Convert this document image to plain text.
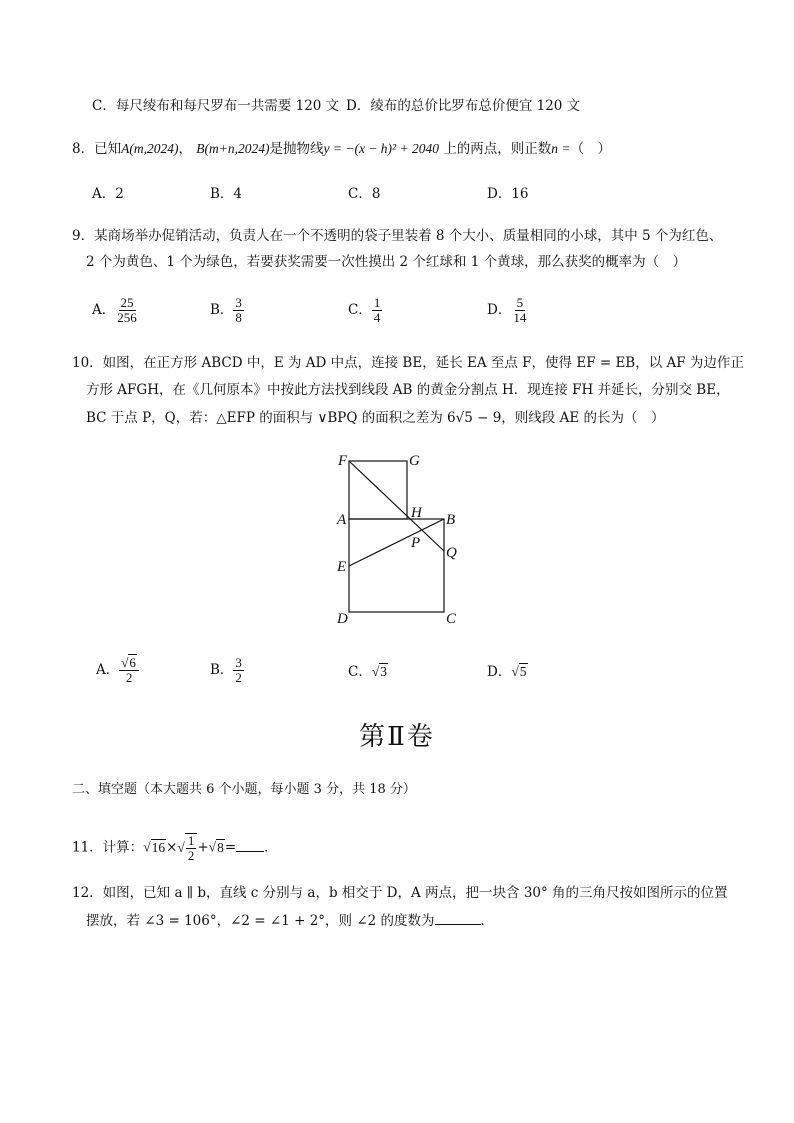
C．每尺绫布和每尺罗布一共需要 120 文 D．绫布的总价比罗布总价便宜 120 文
8．已知A(m,2024)， B(m+n,2024)是抛物线y = −(x − h)² + 2040 上的两点，则正数n =（　）
A．2	B．4	C．8	D．16
9．某商场举办促销活动，负责人在一个不透明的袋子里装着 8 个大小、质量相同的小球，其中 5 个为红色、
2 个为黄色、1 个为绿色，若要获奖需要一次性摸出 2 个红球和 1 个黄球，那么获奖的概率为（　）
A． $\frac{25}{256}$	B． $\frac{3}{8}$	C． $\frac{1}{4}$	D． $\frac{5}{14}$
10．如图，在正方形 ABCD 中，E 为 AD 中点，连接 BE，延长 EA 至点 F，使得 EF = EB，以 AF 为边作正
方形 AFGH，在《几何原本》中按此方法找到线段 AB 的黄金分割点 H．现连接 FH 并延长，分别交 BE，
BC 于点 P，Q，若：△EFP 的面积与 ∨BPQ 的面积之差为 6√5 − 9，则线段 AE 的长为（　）
F	G
A	H B
P
Q
E
D	C
A． $\frac{√6}{2}$	B． $\frac{3}{2}$	C．√3	D．√5
第Ⅱ卷
二、填空题（本大题共 6 个小题，每小题 3 分，共 18 分）
11．计算：$√16\times√ \frac{1}{2} +√8=$ ．
12．如图，已知 a ∥ b，直线 c 分别与 a，b 相交于 D，A 两点，把一块含 30° 角的三角尺按如图所示的位置
摆放，若 ∠3 = 106°，∠2 = ∠1 + 2°，则 ∠2 的度数为	．
